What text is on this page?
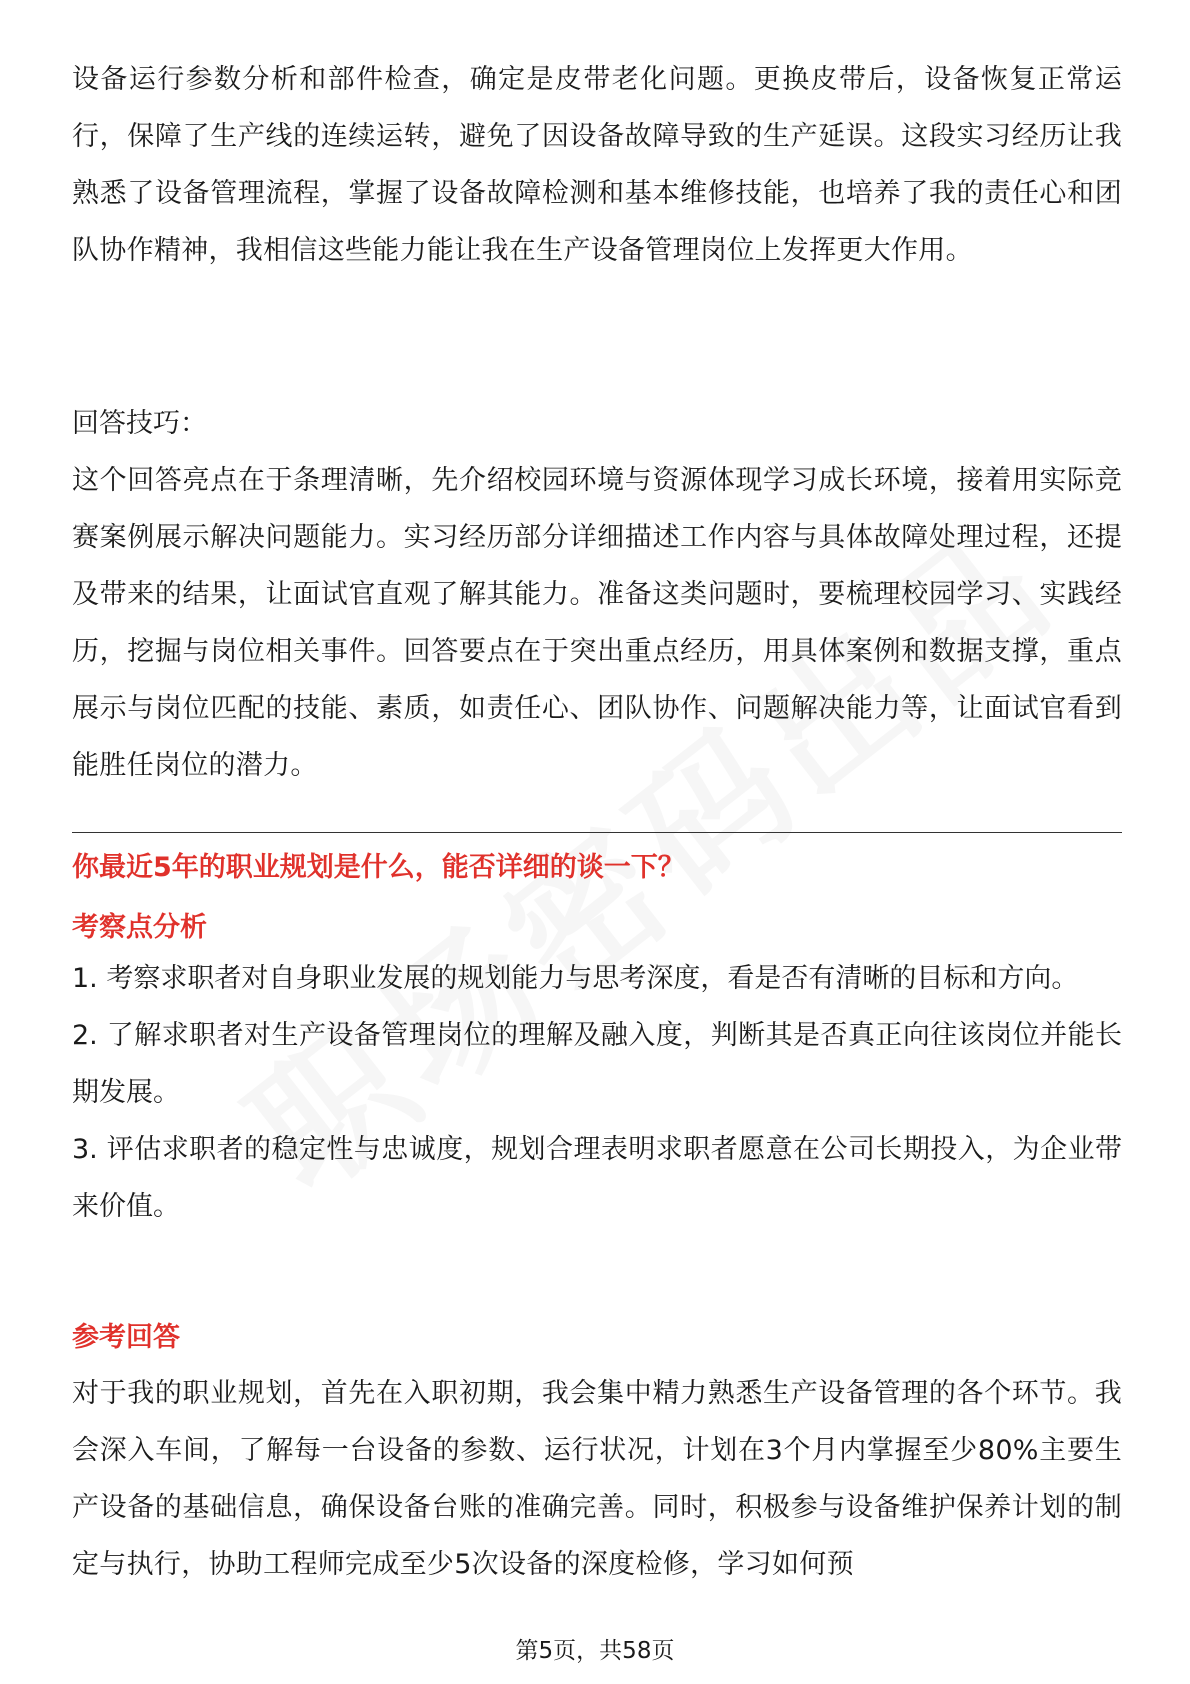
设备运行参数分析和部件检查，确定是皮带老化问题。更换皮带后，设备恢复正常运行，保障了生产线的连续运转，避免了因设备故障导致的生产延误。这段实习经历让我熟悉了设备管理流程，掌握了设备故障检测和基本维修技能，也培养了我的责任心和团队协作精神，我相信这些能力能让我在生产设备管理岗位上发挥更大作用。

回答技巧：

这个回答亮点在于条理清晰，先介绍校园环境与资源体现学习成长环境，接着用实际竞赛案例展示解决问题能力。实习经历部分详细描述工作内容与具体故障处理过程，还提及带来的结果，让面试官直观了解其能力。准备这类问题时，要梳理校园学习、实践经历，挖掘与岗位相关事件。回答要点在于突出重点经历，用具体案例和数据支撑，重点展示与岗位匹配的技能、素质，如责任心、团队协作、问题解决能力等，让面试官看到能胜任岗位的潜力。

你最近5年的职业规划是什么，能否详细的谈一下？
考察点分析

1. 考察求职者对自身职业发展的规划能力与思考深度，看是否有清晰的目标和方向。

2. 了解求职者对生产设备管理岗位的理解及融入度，判断其是否真正向往该岗位并能长期发展。

3. 评估求职者的稳定性与忠诚度，规划合理表明求职者愿意在公司长期投入，为企业带来价值。

参考回答

对于我的职业规划，首先在入职初期，我会集中精力熟悉生产设备管理的各个环节。我会深入车间，了解每一台设备的参数、运行状况，计划在3个月内掌握至少80%主要生产设备的基础信息，确保设备台账的准确完善。同时，积极参与设备维护保养计划的制定与执行，协助工程师完成至少5次设备的深度检修，学习如何预

第5页，共58页
